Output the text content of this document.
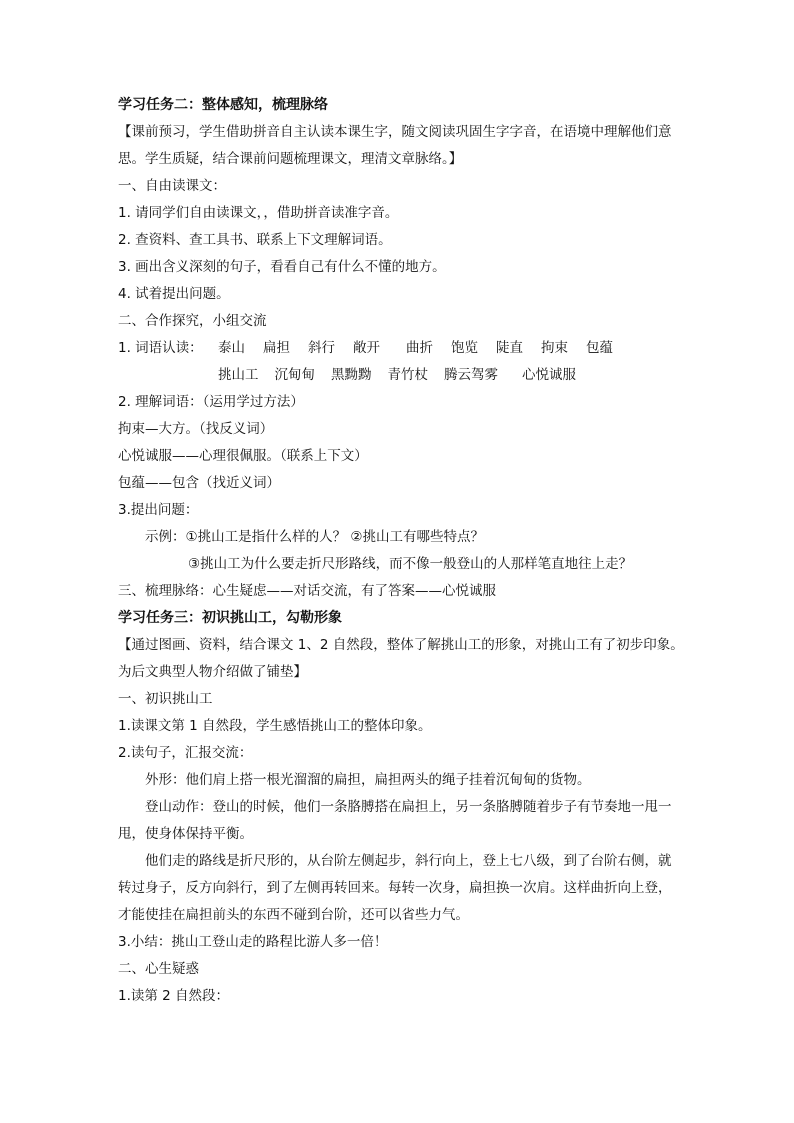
学习任务二：整体感知，梳理脉络
【课前预习，学生借助拼音自主认读本课生字，随文阅读巩固生字字音，在语境中理解他们意思。学生质疑，结合课前问题梳理课文，理清文章脉络。】
一、自由读课文：
1. 请同学们自由读课文，，借助拼音读准字音。
2. 查资料、查工具书、联系上下文理解词语。
3. 画出含义深刻的句子，看看自己有什么不懂的地方。
4. 试着提出问题。
二、合作探究，小组交流
1. 词语认读：	泰山 扁担 斜行 敞开 曲折 饱览 陡直 拘束 包蕴
挑山工 沉甸甸 黑黝黝 青竹杖 腾云驾雾 心悦诚服
2. 理解词语：（运用学过方法）
拘束—大方。（找反义词）
心悦诚服——心理很佩服。（联系上下文）
包蕴——包含（找近义词）
3.提出问题：
示例：①挑山工是指什么样的人？ ②挑山工有哪些特点？
③挑山工为什么要走折尺形路线，而不像一般登山的人那样笔直地往上走？
三、梳理脉络：心生疑虑——对话交流，有了答案——心悦诚服
学习任务三：初识挑山工，勾勒形象
【通过图画、资料，结合课文 1、2 自然段，整体了解挑山工的形象，对挑山工有了初步印象。为后文典型人物介绍做了铺垫】
一、初识挑山工
1.读课文第 1 自然段，学生感悟挑山工的整体印象。
2.读句子，汇报交流：
外形：他们肩上搭一根光溜溜的扁担，扁担两头的绳子挂着沉甸甸的货物。
登山动作：登山的时候，他们一条胳膊搭在扁担上，另一条胳膊随着步子有节奏地一甩一甩，使身体保持平衡。
他们走的路线是折尺形的，从台阶左侧起步，斜行向上，登上七八级，到了台阶右侧，就转过身子，反方向斜行，到了左侧再转回来。每转一次身，扁担换一次肩。这样曲折向上登，才能使挂在扁担前头的东西不碰到台阶，还可以省些力气。
3.小结：挑山工登山走的路程比游人多一倍！
二、心生疑惑
1.读第 2 自然段：
